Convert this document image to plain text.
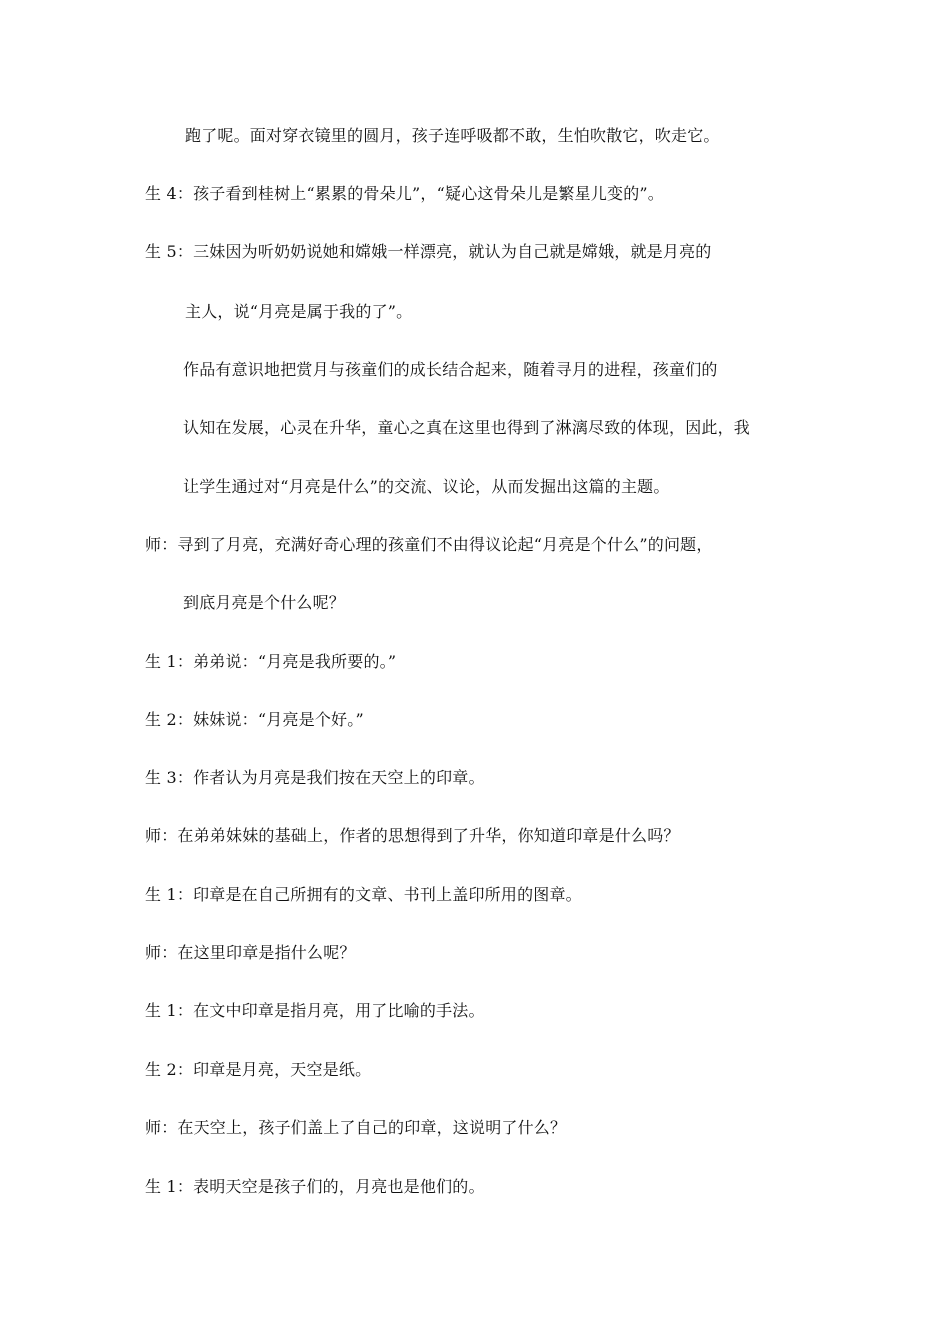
跑了呢。面对穿衣镜里的圆月，孩子连呼吸都不敢，生怕吹散它，吹走它。
生 4：孩子看到桂树上“累累的骨朵儿”，“疑心这骨朵儿是繁星儿变的”。
生 5：三妹因为听奶奶说她和嫦娥一样漂亮，就认为自己就是嫦娥，就是月亮的
主人，说“月亮是属于我的了”。
作品有意识地把赏月与孩童们的成长结合起来，随着寻月的进程，孩童们的
认知在发展，心灵在升华，童心之真在这里也得到了淋漓尽致的体现，因此，我
让学生通过对“月亮是什么”的交流、议论，从而发掘出这篇的主题。
师：寻到了月亮，充满好奇心理的孩童们不由得议论起“月亮是个什么”的问题，
到底月亮是个什么呢？
生 1：弟弟说：“月亮是我所要的。”
生 2：妹妹说：“月亮是个好。”
生 3：作者认为月亮是我们按在天空上的印章。
师：在弟弟妹妹的基础上，作者的思想得到了升华，你知道印章是什么吗？
生 1：印章是在自己所拥有的文章、书刊上盖印所用的图章。
师：在这里印章是指什么呢？
生 1：在文中印章是指月亮，用了比喻的手法。
生 2：印章是月亮，天空是纸。
师：在天空上，孩子们盖上了自己的印章，这说明了什么？
生 1：表明天空是孩子们的，月亮也是他们的。
